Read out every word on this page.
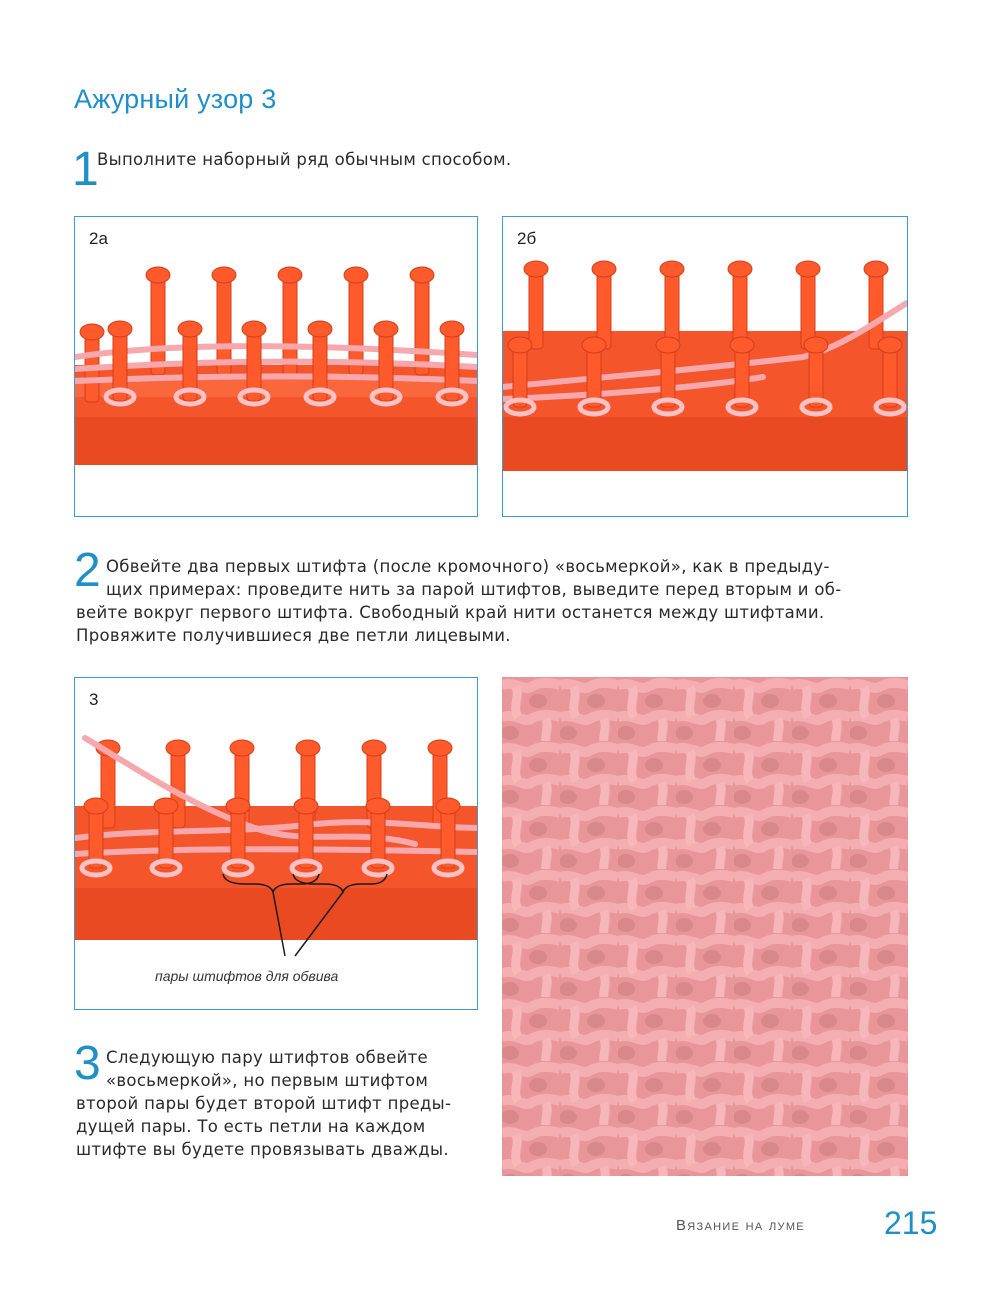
Ажурный узор 3
1
Выполните наборный ряд обычным способом.
2а	2б
2 Обвейте два первых штифта (после кромочного) «восьмеркой», как в предыду-
щих примерах: проведите нить за парой штифтов, выведите перед вторым и об-
вейте вокруг первого штифта. Свободный край нити останется между штифтами.
Провяжите получившиеся две петли лицевыми.

3
пары штифтов для обвива
3 Следующую пару штифтов обвейте
«восьмеркой», но первым штифтом
второй пары будет второй штифт преды-
дущей пары. То есть петли на каждом
штифте вы будете провязывать дважды.

Вязание на луме 215
